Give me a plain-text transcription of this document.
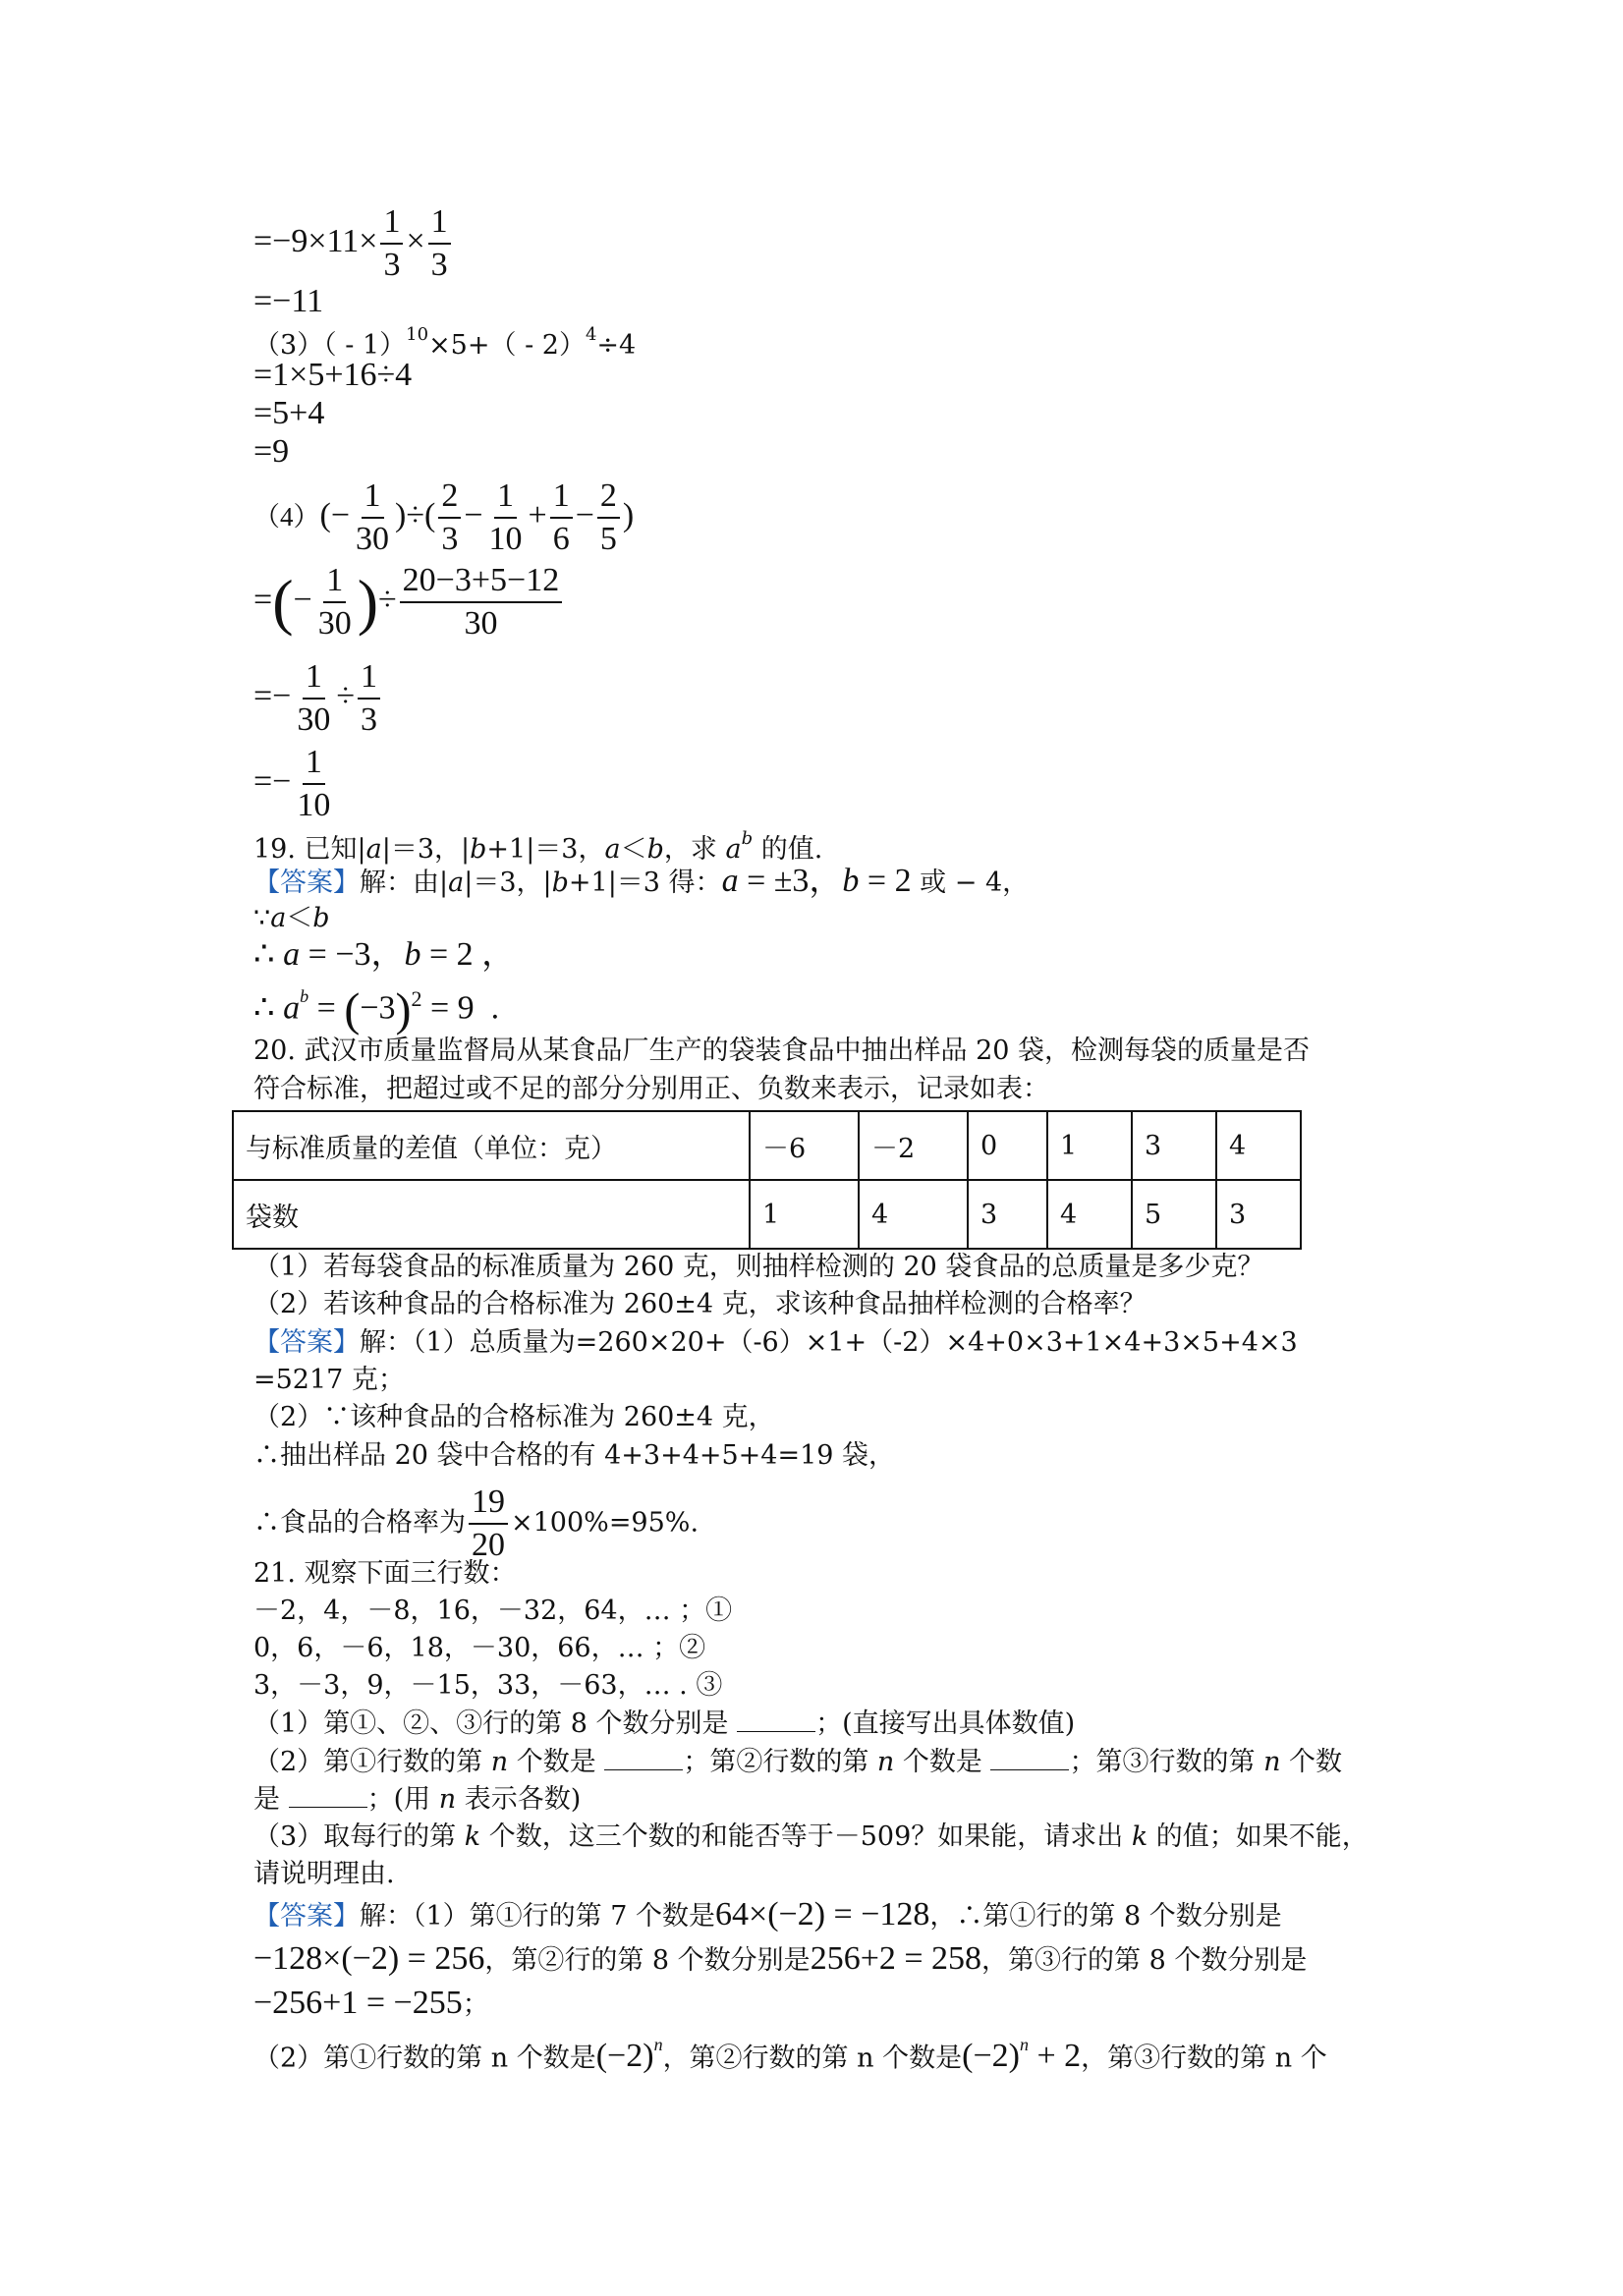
$=-9\times 11\times \frac{1}{3} \times \frac{1}{3}$
=−11
（3）（ - 1）$^{10}$×5+（ - 2）$^4$÷4
=1×5+16÷4
=5+4
=9
$(4)(- \frac{1}{30}$ )÷( $\frac{2}{3} - \frac{1}{10} + \frac{1}{6} - \frac{2}{5}$ )
=(− $\frac{1}{30}$ )÷ $\frac{20-3+5-12}{30}$
=− $\frac{1}{30} \div \frac{1}{3}$
=− $\frac{1}{10}$
19. 已知|a|＝3，|b+1|＝3，a＜b，求 $a^b$ 的值.
【答案】解：由|a|＝3，|b+1|＝3 得：a = ±3，b = 2 或 − 4，
∵a＜b
∴ a = −3，b = 2 ，
∴ $a^b = (-3)^2 = 9$  .
20. 武汉市质量监督局从某食品厂生产的袋装食品中抽出样品 20 袋，检测每袋的质量是否
符合标准，把超过或不足的部分分别用正、负数来表示，记录如表：
与标准质量的差值（单位：克）	－6	－2	0	1	3	4
袋数	1	4	3	4	5	3
（1）若每袋食品的标准质量为 260 克，则抽样检测的 20 袋食品的总质量是多少克？
（2）若该种食品的合格标准为 260±4 克，求该种食品抽样检测的合格率？
【答案】解：（1）总质量为=260×20+（-6）×1+（-2）×4+0×3+1×4+3×5+4×3
=5217 克；
（2）∵该种食品的合格标准为 260±4 克，
∴抽出样品 20 袋中合格的有 4+3+4+5+4=19 袋，
∴食品的合格率为 $\frac{19}{20} \times 100\%=95\%$.
21. 观察下面三行数：
－2，4，－8，16，－32，64，… ；①
0，6，－6，18，－30，66，… ；②
3，－3，9，－15，33，－63，… . ③
（1）第①、②、③行的第 8 个数分别是	；(直接写出具体数值)
（2）第①行数的第 n 个数是	；第②行数的第 n 个数是	；第③行数的第 n 个数
是	；(用 n 表示各数)
（3）取每行的第 k 个数，这三个数的和能否等于－509？如果能，请求出 k 的值；如果不能，
请说明理由.
【答案】解：（1）第①行的第 7 个数是64×(−2) = −128，∴第①行的第 8 个数分别是
−128×(−2) = 256，第②行的第 8 个数分别是256+2 = 258，第③行的第 8 个数分别是
−256+1 = −255；
（2）第①行数的第 n 个数是$(-2)^n$，第②行数的第 n 个数是$(-2)^n + 2$，第③行数的第 n 个
